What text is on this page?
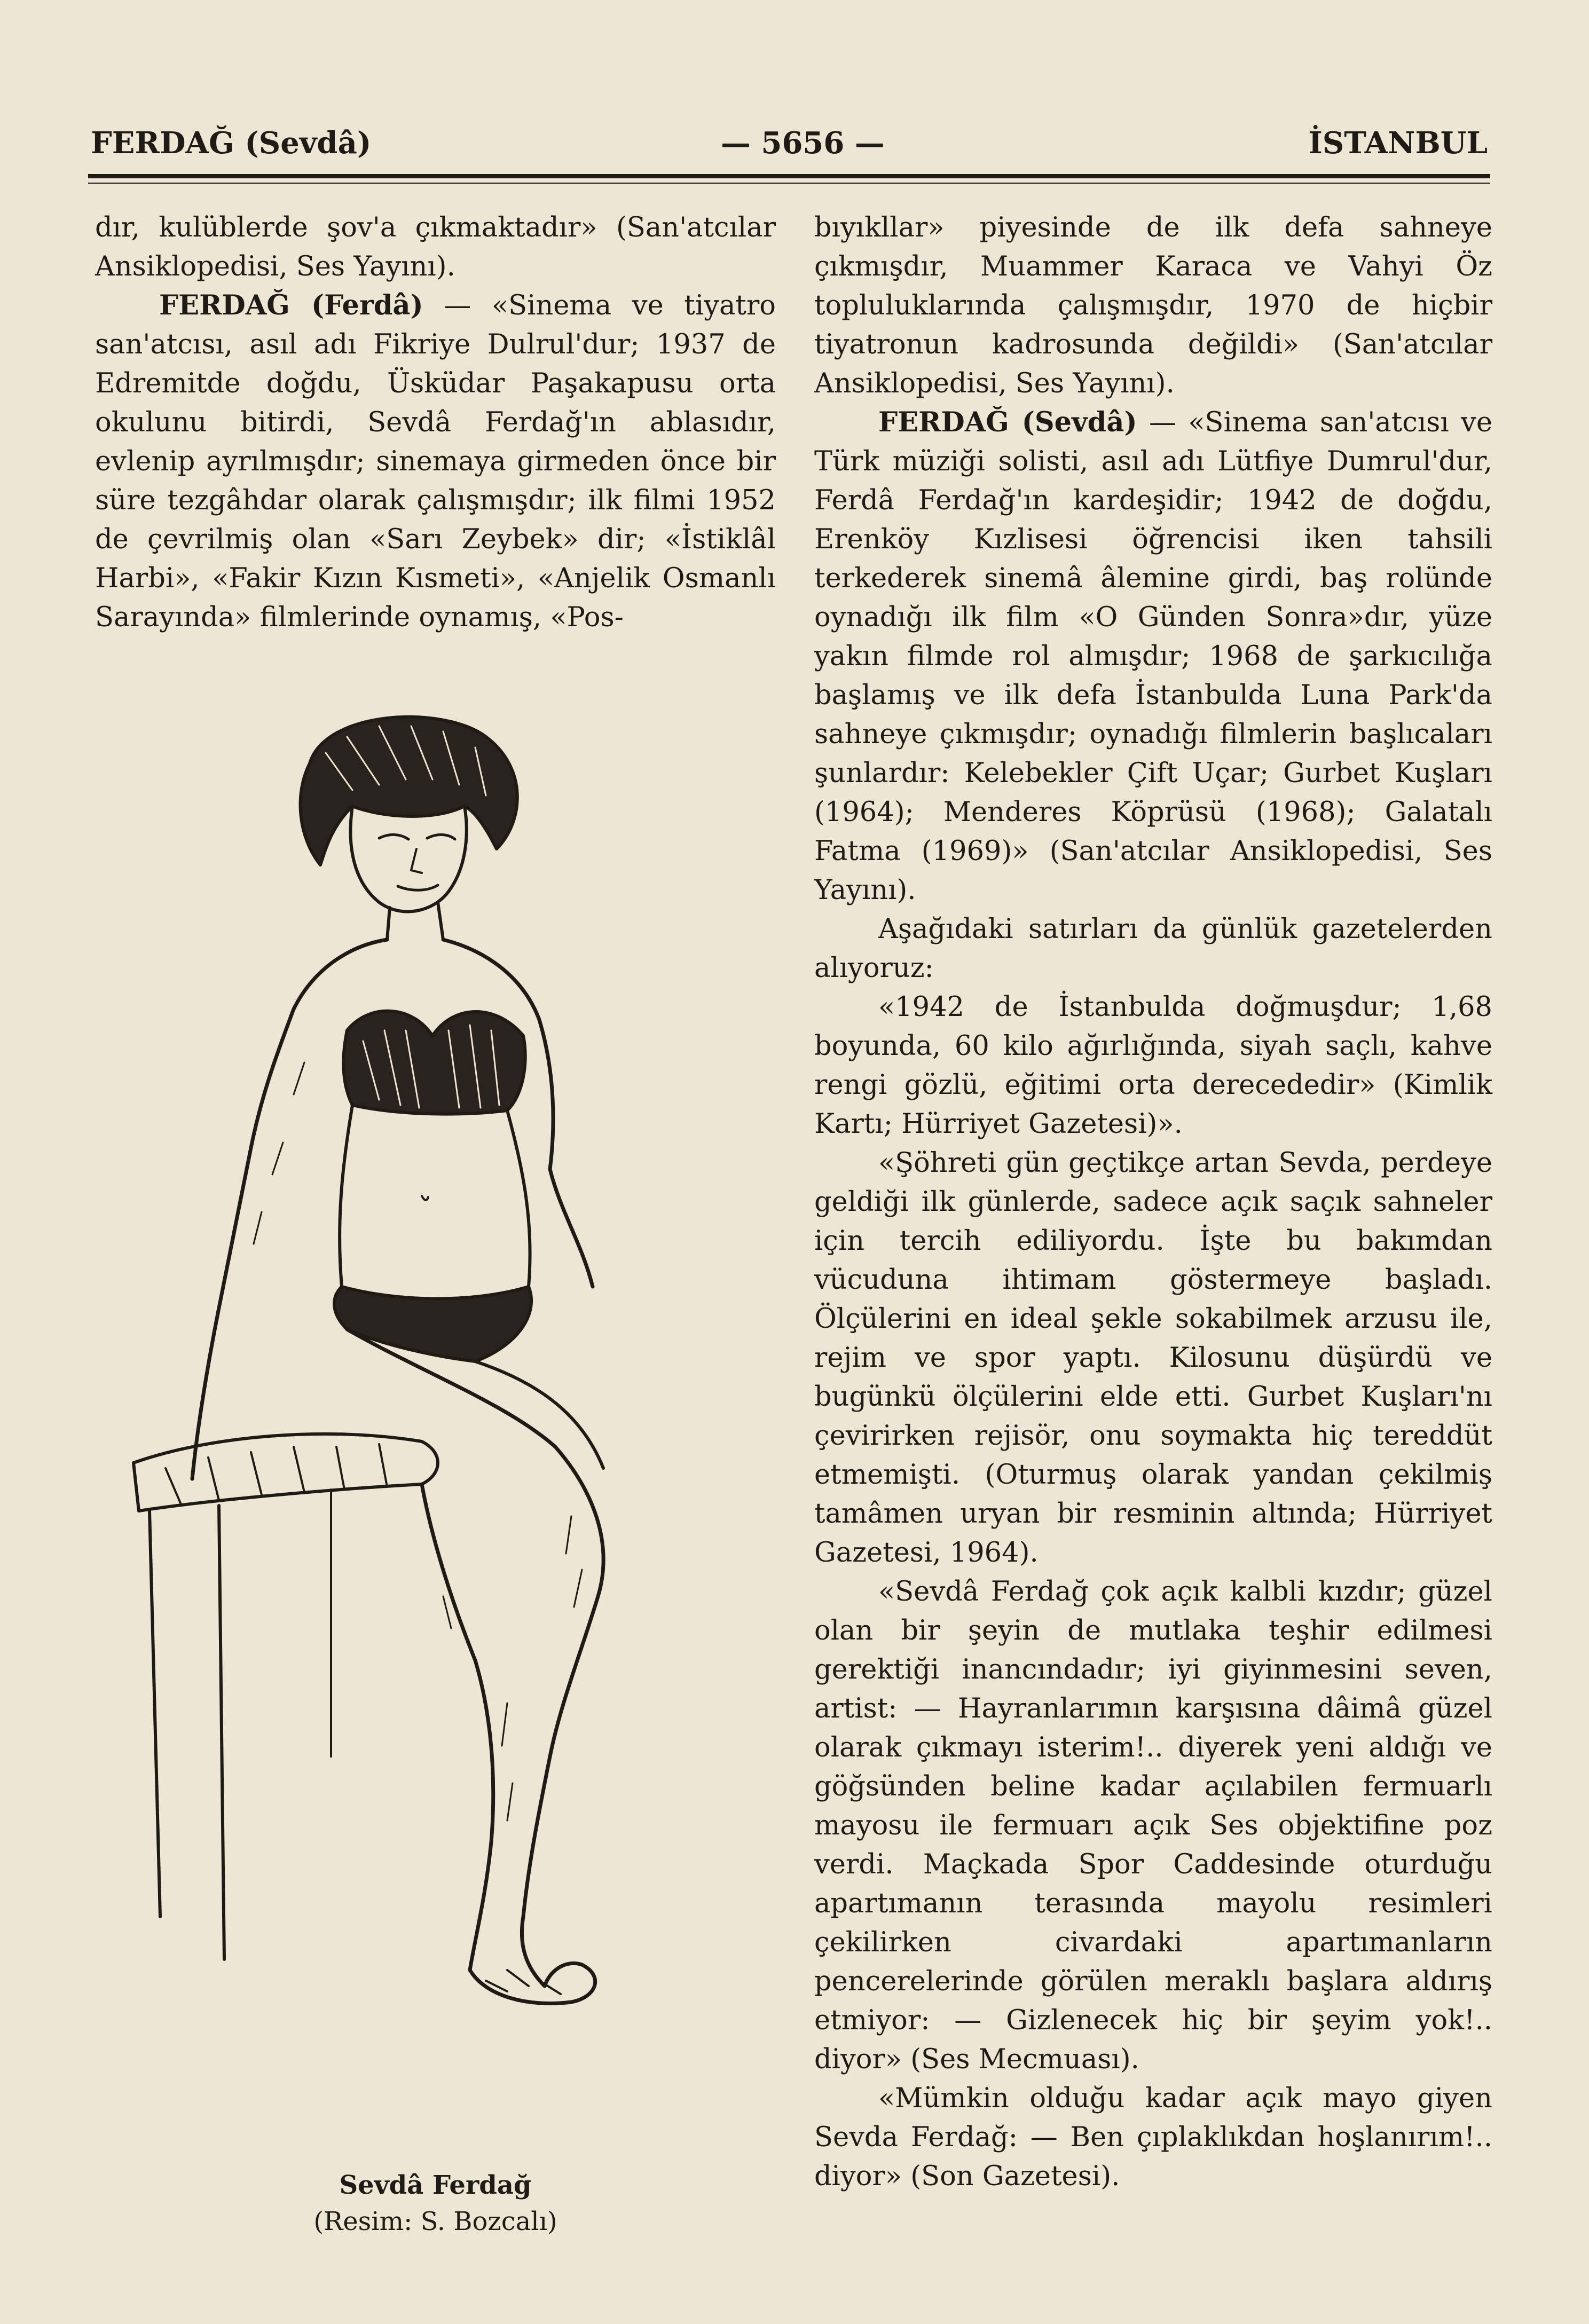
FERDAĞ (Sevdâ)	— 5656 —	İSTANBUL

dır, kulüblerde şov'a çıkmaktadır» (San'atcılar Ansiklopedisi, Ses Yayını).

FERDAĞ (Ferdâ) — «Sinema ve tiyatro san'atcısı, asıl adı Fikriye Dulrul'dur; 1937 de Edremitde doğdu, Üsküdar Paşakapusu orta okulunu bitirdi, Sevdâ Ferdağ'ın ablasıdır, evlenip ayrılmışdır; sinemaya girmeden önce bir süre tezgâhdar olarak çalışmışdır; ilk filmi 1952 de çevrilmiş olan «Sarı Zeybek» dir; «İstiklâl Harbi», «Fakir Kızın Kısmeti», «Anjelik Osmanlı Sarayında» filmlerinde oynamış, «Pos-

Sevdâ Ferdağ
(Resim: S. Bozcalı)

bıyıkllar» piyesinde de ilk defa sahneye çıkmışdır, Muammer Karaca ve Vahyi Öz topluluklarında çalışmışdır, 1970 de hiçbir tiyatronun kadrosunda değildi» (San'atcılar Ansiklopedisi, Ses Yayını).

FERDAĞ (Sevdâ) — «Sinema san'atcısı ve Türk müziği solisti, asıl adı Lütfiye Dumrul'dur, Ferdâ Ferdağ'ın kardeşidir; 1942 de doğdu, Erenköy Kızlisesi öğrencisi iken tahsili terkederek sinemâ âlemine girdi, baş rolünde oynadığı ilk film «O Günden Sonra»dır, yüze yakın filmde rol almışdır; 1968 de şarkıcılığa başlamış ve ilk defa İstanbulda Luna Park'da sahneye çıkmışdır; oynadığı filmlerin başlıcaları şunlardır: Kelebekler Çift Uçar; Gurbet Kuşları (1964); Menderes Köprüsü (1968); Galatalı Fatma (1969)» (San'atcılar Ansiklopedisi, Ses Yayını).

Aşağıdaki satırları da günlük gazetelerden alıyoruz:

«1942 de İstanbulda doğmuşdur; 1,68 boyunda, 60 kilo ağırlığında, siyah saçlı, kahve rengi gözlü, eğitimi orta derecededir» (Kimlik Kartı; Hürriyet Gazetesi)».

«Şöhreti gün geçtikçe artan Sevda, perdeye geldiği ilk günlerde, sadece açık saçık sahneler için tercih ediliyordu. İşte bu bakımdan vücuduna ihtimam göstermeye başladı. Ölçülerini en ideal şekle sokabilmek arzusu ile, rejim ve spor yaptı. Kilosunu düşürdü ve bugünkü ölçülerini elde etti. Gurbet Kuşları'nı çevirirken rejisör, onu soymakta hiç tereddüt etmemişti. (Oturmuş olarak yandan çekilmiş tamâmen uryan bir resminin altında; Hürriyet Gazetesi, 1964).

«Sevdâ Ferdağ çok açık kalbli kızdır; güzel olan bir şeyin de mutlaka teşhir edilmesi gerektiği inancındadır; iyi giyinmesini seven, artist: — Hayranlarımın karşısına dâimâ güzel olarak çıkmayı isterim!.. diyerek yeni aldığı ve göğsünden beline kadar açılabilen fermuarlı mayosu ile fermuarı açık Ses objektifine poz verdi. Maçkada Spor Caddesinde oturduğu apartımanın terasında mayolu resimleri çekilirken civardaki apartımanların pencerelerinde görülen meraklı başlara aldırış etmiyor: — Gizlenecek hiç bir şeyim yok!.. diyor» (Ses Mecmuası).

«Mümkin olduğu kadar açık mayo giyen Sevda Ferdağ: — Ben çıplaklıkdan hoşlanırım!.. diyor» (Son Gazetesi).
